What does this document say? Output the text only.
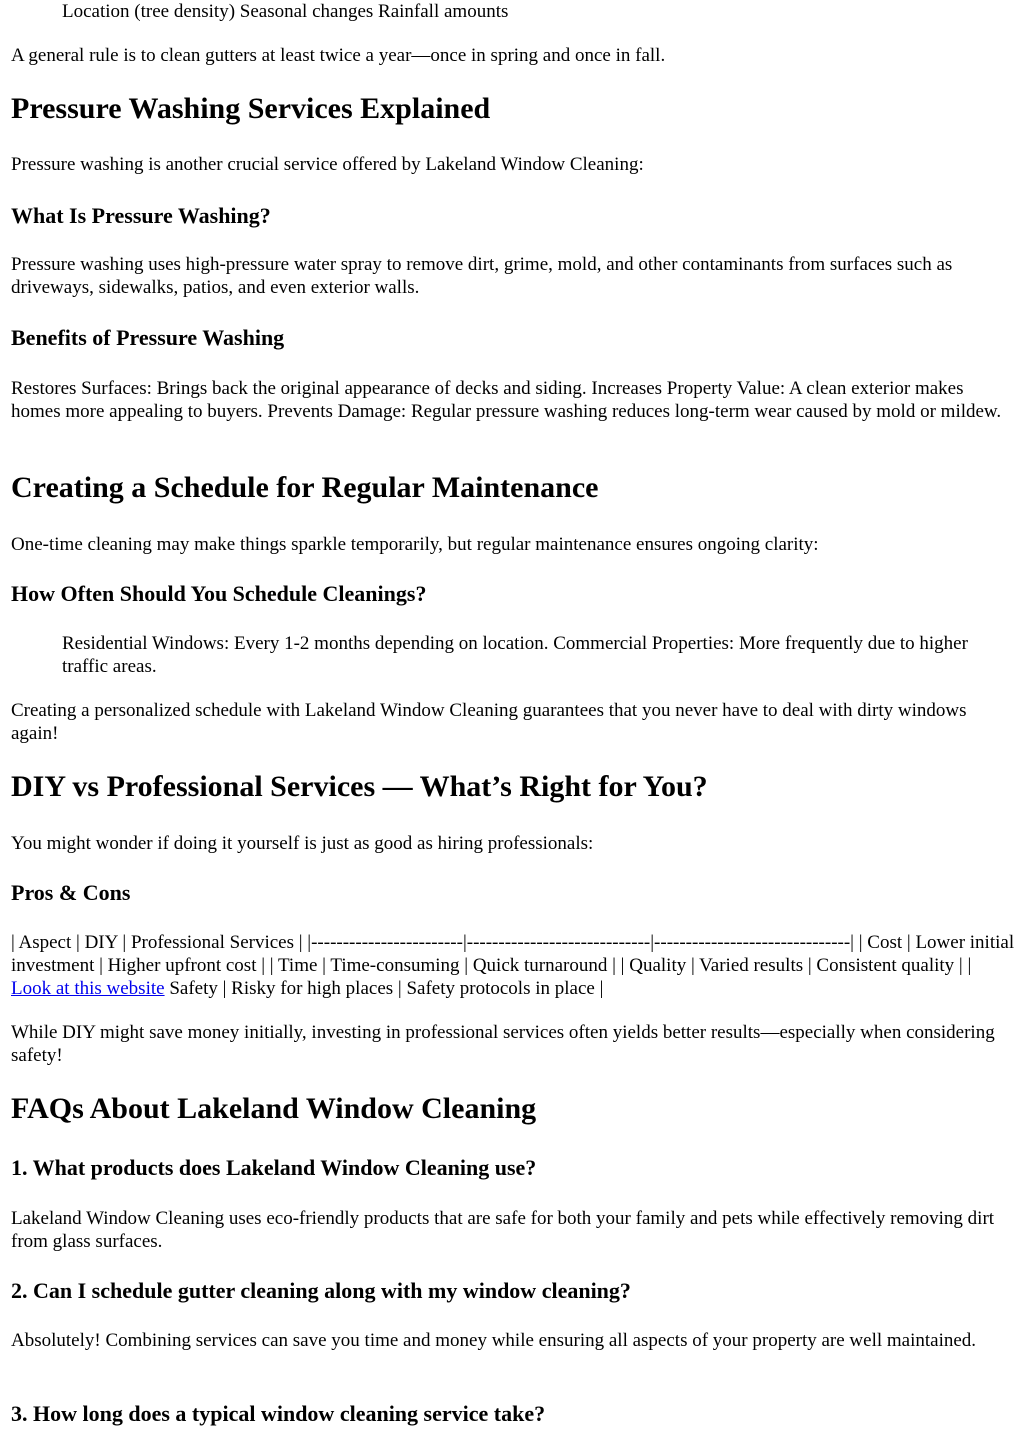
Location (tree density) Seasonal changes Rainfall amounts

A general rule is to clean gutters at least twice a year—once in spring and once in fall.

Pressure Washing Services Explained

Pressure washing is another crucial service offered by Lakeland Window Cleaning:

What Is Pressure Washing?

Pressure washing uses high-pressure water spray to remove dirt, grime, mold, and other contaminants from surfaces such as driveways, sidewalks, patios, and even exterior walls.

Benefits of Pressure Washing

Restores Surfaces: Brings back the original appearance of decks and siding. Increases Property Value: A clean exterior makes homes more appealing to buyers. Prevents Damage: Regular pressure washing reduces long-term wear caused by mold or mildew.

Creating a Schedule for Regular Maintenance

One-time cleaning may make things sparkle temporarily, but regular maintenance ensures ongoing clarity:

How Often Should You Schedule Cleanings?

Residential Windows: Every 1-2 months depending on location. Commercial Properties: More frequently due to higher traffic areas.

Creating a personalized schedule with Lakeland Window Cleaning guarantees that you never have to deal with dirty windows again!

DIY vs Professional Services — What’s Right for You?

You might wonder if doing it yourself is just as good as hiring professionals:

Pros & Cons

| Aspect | DIY | Professional Services | |------------------------|-----------------------------|-------------------------------| | Cost | Lower initial investment | Higher upfront cost | | Time | Time-consuming | Quick turnaround | | Quality | Varied results | Consistent quality | | Look at this website Safety | Risky for high places | Safety protocols in place |

While DIY might save money initially, investing in professional services often yields better results—especially when considering safety!

FAQs About Lakeland Window Cleaning
1. What products does Lakeland Window Cleaning use?

Lakeland Window Cleaning uses eco-friendly products that are safe for both your family and pets while effectively removing dirt from glass surfaces.

2. Can I schedule gutter cleaning along with my window cleaning?

Absolutely! Combining services can save you time and money while ensuring all aspects of your property are well maintained.

3. How long does a typical window cleaning service take?
